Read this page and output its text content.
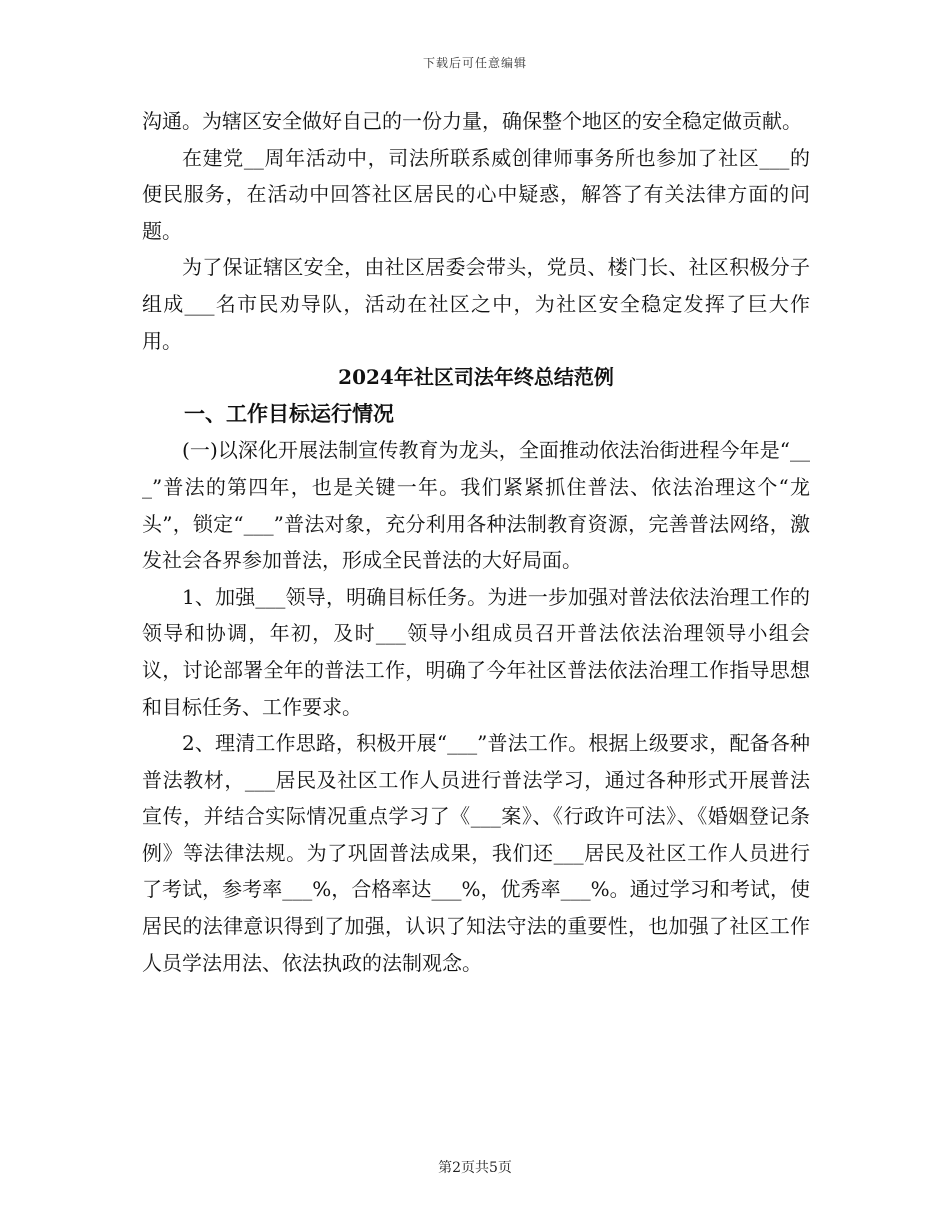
下载后可任意编辑

沟通。为辖区安全做好自己的一份力量，确保整个地区的安全稳定做贡献。

在建党__周年活动中，司法所联系威创律师事务所也参加了社区___的便民服务，在活动中回答社区居民的心中疑惑，解答了有关法律方面的问题。

为了保证辖区安全，由社区居委会带头，党员、楼门长、社区积极分子组成___名市民劝导队，活动在社区之中，为社区安全稳定发挥了巨大作用。

2024年社区司法年终总结范例

一、工作目标运行情况

(一)以深化开展法制宣传教育为龙头，全面推动依法治街进程今年是“___”普法的第四年，也是关键一年。我们紧紧抓住普法、依法治理这个“龙头”，锁定“___”普法对象，充分利用各种法制教育资源，完善普法网络，激发社会各界参加普法，形成全民普法的大好局面。

1、加强___领导，明确目标任务。为进一步加强对普法依法治理工作的领导和协调，年初，及时___领导小组成员召开普法依法治理领导小组会议，讨论部署全年的普法工作，明确了今年社区普法依法治理工作指导思想和目标任务、工作要求。

2、理清工作思路，积极开展“___”普法工作。根据上级要求，配备各种普法教材，___居民及社区工作人员进行普法学习，通过各种形式开展普法宣传，并结合实际情况重点学习了《___案》、《行政许可法》、《婚姻登记条例》等法律法规。为了巩固普法成果，我们还___居民及社区工作人员进行了考试，参考率___%，合格率达___%，优秀率___%。通过学习和考试，使居民的法律意识得到了加强，认识了知法守法的重要性，也加强了社区工作人员学法用法、依法执政的法制观念。

第2页共5页
